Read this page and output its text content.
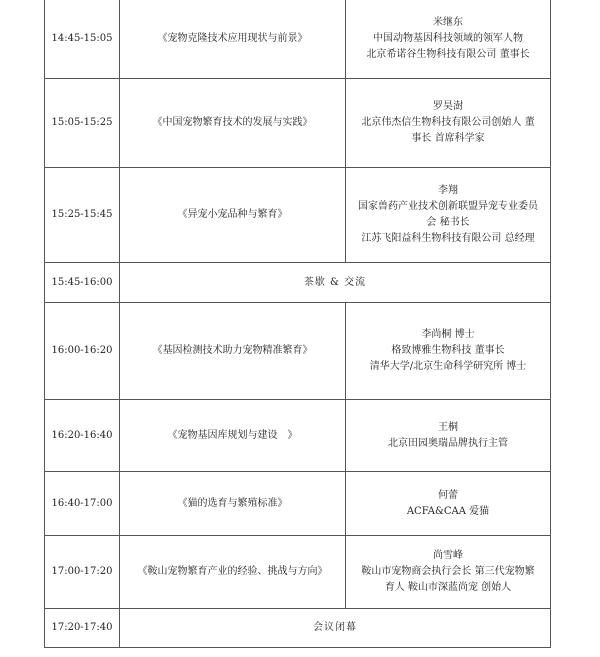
14:45-15:05	《宠物克隆技术应用现状与前景》	米继东
中国动物基因科技领域的领军人物
北京希诺谷生物科技有限公司 董事长

15:05-15:25	《中国宠物繁育技术的发展与实践》	罗昊澍
北京伟杰信生物科技有限公司创始人 董
事长 首席科学家

15:25-15:45	《异宠小宠品种与繁育》	李翔
国家兽药产业技术创新联盟异宠专业委员
会 秘书长
江苏飞阳益科生物科技有限公司 总经理

15:45-16:00	茶歇 & 交流	
16:00-16:20	《基因检测技术助力宠物精准繁育》	李尚桐 博士
格致博雅生物科技 董事长
清华大学/北京生命科学研究所 博士

16:20-16:40	《宠物基因库规划与建设　》	王桐
北京田园奥瑞品牌执行主管

16:40-17:00	《猫的选育与繁殖标准》	何蕾
ACFA&CAA 爱猫

17:00-17:20	《鞍山宠物繁育产业的经验、挑战与方向》	尚雪峰
鞍山市宠物商会执行会长 第三代宠物繁
育人 鞍山市深蓝尚宠 创始人

17:20-17:40	会议闭幕	
